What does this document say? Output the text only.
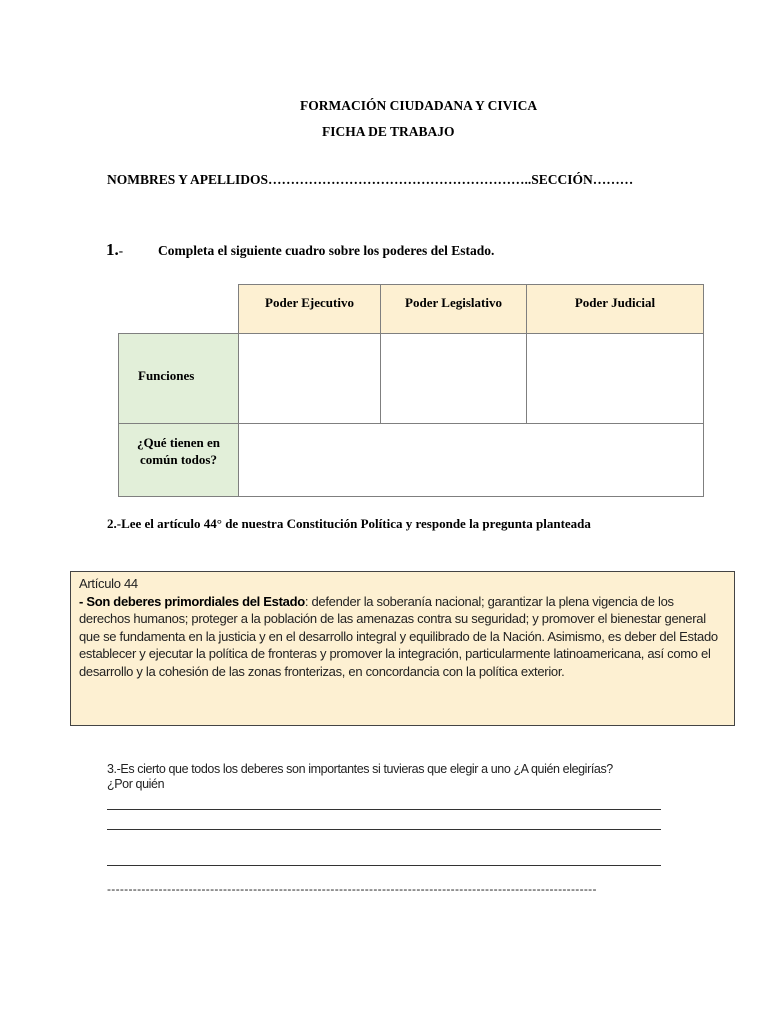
FORMACIÓN CIUDADANA Y CIVICA
FICHA DE TRABAJO
NOMBRES Y APELLIDOS…………………………………………………..SECCIÓN………
1.-	Completa el siguiente cuadro sobre los poderes del Estado.
Poder Ejecutivo	Poder Legislativo	Poder Judicial
Funciones
¿Qué tienen en
común todos?
2.-Lee el artículo 44° de nuestra Constitución Política y responde la pregunta planteada
Artículo 44
- Son deberes primordiales del Estado: defender la soberanía nacional; garantizar la plena vigencia de los derechos humanos; proteger a la población de las amenazas contra su seguridad; y promover el bienestar general que se fundamenta en la justicia y en el desarrollo integral y equilibrado de la Nación. Asimismo, es deber del Estado establecer y ejecutar la política de fronteras y promover la integración, particularmente latinoamericana, así como el desarrollo y la cohesión de las zonas fronterizas, en concordancia con la política exterior.
3.-Es cierto que todos los deberes son importantes si tuvieras que elegir a uno ¿A quién elegirías?
¿Por quién
------------------------------------------------------------------------------------------------------------------
